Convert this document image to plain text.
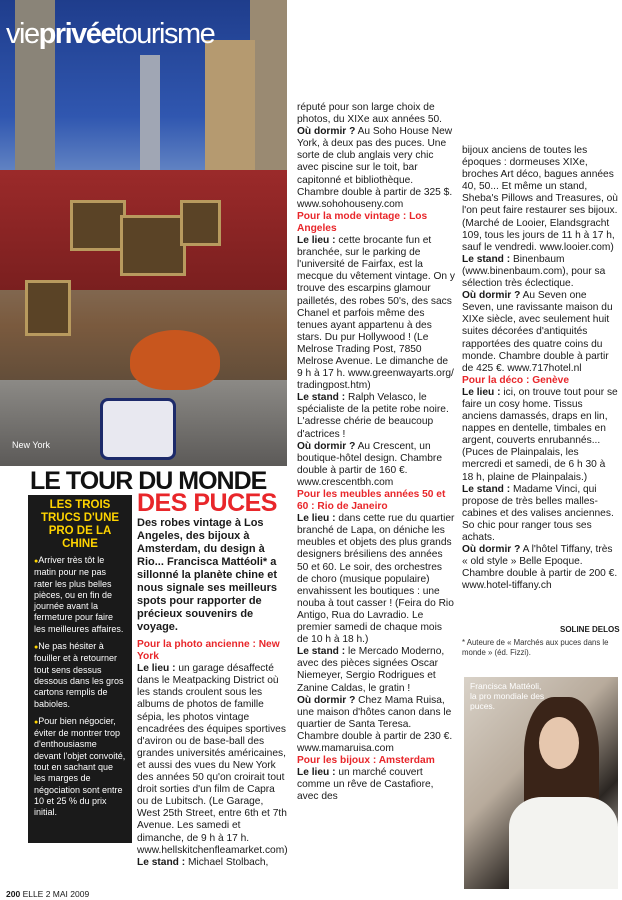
vieprivéetourisme
New York
LE TOUR DU MONDE
DES PUCES
LES TROIS TRUCS D'UNE PRO DE LA CHINE

● Arriver très tôt le matin pour ne pas rater les plus belles pièces, ou en fin de journée avant la fermeture pour faire les meilleures affaires.

● Ne pas hésiter à fouiller et à retourner tout sens dessus dessous dans les gros cartons remplis de babioles.

● Pour bien négocier, éviter de montrer trop d'enthousiasme devant l'objet convoité, tout en sachant que les marges de négociation sont entre 10 et 25 % du prix initial.

Des robes vintage à Los Angeles, des bijoux à Amsterdam, du design à Rio... Francisca Mattéoli* a sillonné la planète chine et nous signale ses meilleurs spots pour rapporter de précieux souvenirs de voyage.

Pour la photo ancienne : New York

Le lieu : un garage désaffecté dans le Meatpacking District où les stands croulent sous les albums de photos de famille sépia, les photos vintage encadrées des équipes sportives d'aviron ou de base-ball des grandes universités américaines, et aussi des vues du New York des années 50 qu'on croirait tout droit sorties d'un film de Capra ou de Lubitsch. (Le Garage, West 25th Street, entre 6th et 7th Avenue. Les samedi et dimanche, de 9 h à 17 h. www.hellskitchenfleamarket.com)

Le stand : Michael Stolbach,

réputé pour son large choix de photos, du XIXe aux années 50.

Où dormir ? Au Soho House New York, à deux pas des puces. Une sorte de club anglais very chic avec piscine sur le toit, bar capitonné et bibliothèque. Chambre double à partir de 325 $. www.sohohouseny.com

Pour la mode vintage : Los Angeles

Le lieu : cette brocante fun et branchée, sur le parking de l'université de Fairfax, est la mecque du vêtement vintage. On y trouve des escarpins glamour pailletés, des robes 50's, des sacs Chanel et parfois même des tenues ayant appartenu à des stars. Du pur Hollywood ! (Le Melrose Trading Post, 7850 Melrose Avenue. Le dimanche de 9 h à 17 h. www.greenwayarts.org/ tradingpost.htm)

Le stand : Ralph Velasco, le spécialiste de la petite robe noire. L'adresse chérie de beaucoup d'actrices !

Où dormir ? Au Crescent, un boutique-hôtel design. Chambre double à partir de 160 €. www.crescentbh.com

Pour les meubles années 50 et 60 : Rio de Janeiro

Le lieu : dans cette rue du quartier branché de Lapa, on déniche les meubles et objets des plus grands designers brésiliens des années 50 et 60. Le soir, des orchestres de choro (musique populaire) envahissent les boutiques : une nouba à tout casser ! (Feira do Rio Antigo, Rua do Lavradio. Le premier samedi de chaque mois de 10 h à 18 h.)

Le stand : le Mercado Moderno, avec des pièces signées Oscar Niemeyer, Sergio Rodrigues et Zanine Caldas, le gratin !

Où dormir ? Chez Mama Ruisa, une maison d'hôtes canon dans le quartier de Santa Teresa. Chambre double à partir de 230 €. www.mamaruisa.com

Pour les bijoux : Amsterdam

Le lieu : un marché couvert comme un rêve de Castafiore, avec des

bijoux anciens de toutes les époques : dormeuses XIXe, broches Art déco, bagues années 40, 50... Et même un stand, Sheba's Pillows and Treasures, où l'on peut faire restaurer ses bijoux. (Marché de Looier, Elandsgracht 109, tous les jours de 11 h à 17 h, sauf le vendredi. www.looier.com)

Le stand : Binenbaum (www.binenbaum.com), pour sa sélection très éclectique.

Où dormir ? Au Seven one Seven, une ravissante maison du XIXe siècle, avec seulement huit suites décorées d'antiquités rapportées des quatre coins du monde. Chambre double à partir de 425 €. www.717hotel.nl

Pour la déco : Genève

Le lieu : ici, on trouve tout pour se faire un cosy home. Tissus anciens damassés, draps en lin, nappes en dentelle, timbales en argent, couverts enrubannés... (Puces de Plainpalais, les mercredi et samedi, de 6 h 30 à 18 h, plaine de Plainpalais.)

Le stand : Madame Vinci, qui propose de très belles malles-cabines et des valises anciennes. So chic pour ranger tous ses achats.

Où dormir ? A l'hôtel Tiffany, très « old style » Belle Epoque. Chambre double à partir de 200 €. www.hotel-tiffany.ch

SOLINE DELOS
* Auteure de « Marchés aux puces dans le monde » (éd. Fizzi).
Francisca Mattéoli, la pro mondiale des puces.
200 ELLE 2 MAI 2009
